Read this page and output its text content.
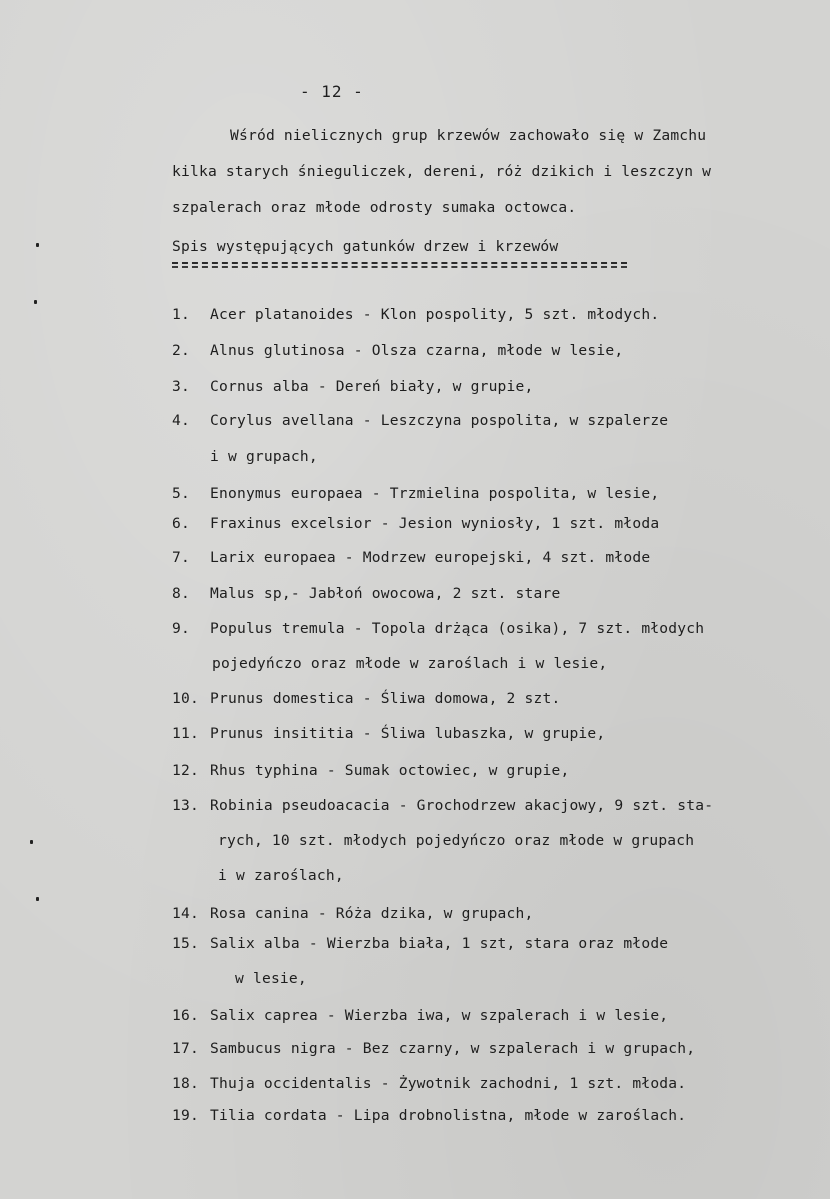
- 12 -
Wśród nielicznych grup krzewów zachowało się w Zamchu
kilka starych śnieguliczek, dereni, róż dzikich i leszczyn w
szpalerach oraz młode odrosty sumaka octowca.
Spis występujących gatunków drzew i krzewów
1. Acer platanoides - Klon pospolity, 5 szt. młodych.
2. Alnus glutinosa - Olsza czarna, młode w lesie,
3. Cornus alba - Dereń biały, w grupie,
4. Corylus avellana - Leszczyna pospolita, w szpalerze
i w grupach,
5. Enonymus europaea - Trzmielina pospolita, w lesie,
6. Fraxinus excelsior - Jesion wyniosły, 1 szt. młoda
7. Larix europaea - Modrzew europejski, 4 szt. młode
8. Malus sp,- Jabłoń owocowa, 2 szt. stare
9. Populus tremula - Topola drżąca (osika), 7 szt. młodych
pojedyńczo oraz młode w zaroślach i w lesie,
10. Prunus domestica - Śliwa domowa, 2 szt.
11. Prunus insititia - Śliwa lubaszka, w grupie,
12. Rhus typhina - Sumak octowiec, w grupie,
13. Robinia pseudoacacia - Grochodrzew akacjowy, 9 szt. sta-
rych, 10 szt. młodych pojedyńczo oraz młode w grupach
i w zaroślach,
14. Rosa canina - Róża dzika, w grupach,
15. Salix alba - Wierzba biała, 1 szt, stara oraz młode
w lesie,
16. Salix caprea - Wierzba iwa, w szpalerach i w lesie,
17. Sambucus nigra - Bez czarny, w szpalerach i w grupach,
18. Thuja occidentalis - Żywotnik zachodni, 1 szt. młoda.
19. Tilia cordata - Lipa drobnolistna, młode w zaroślach.
